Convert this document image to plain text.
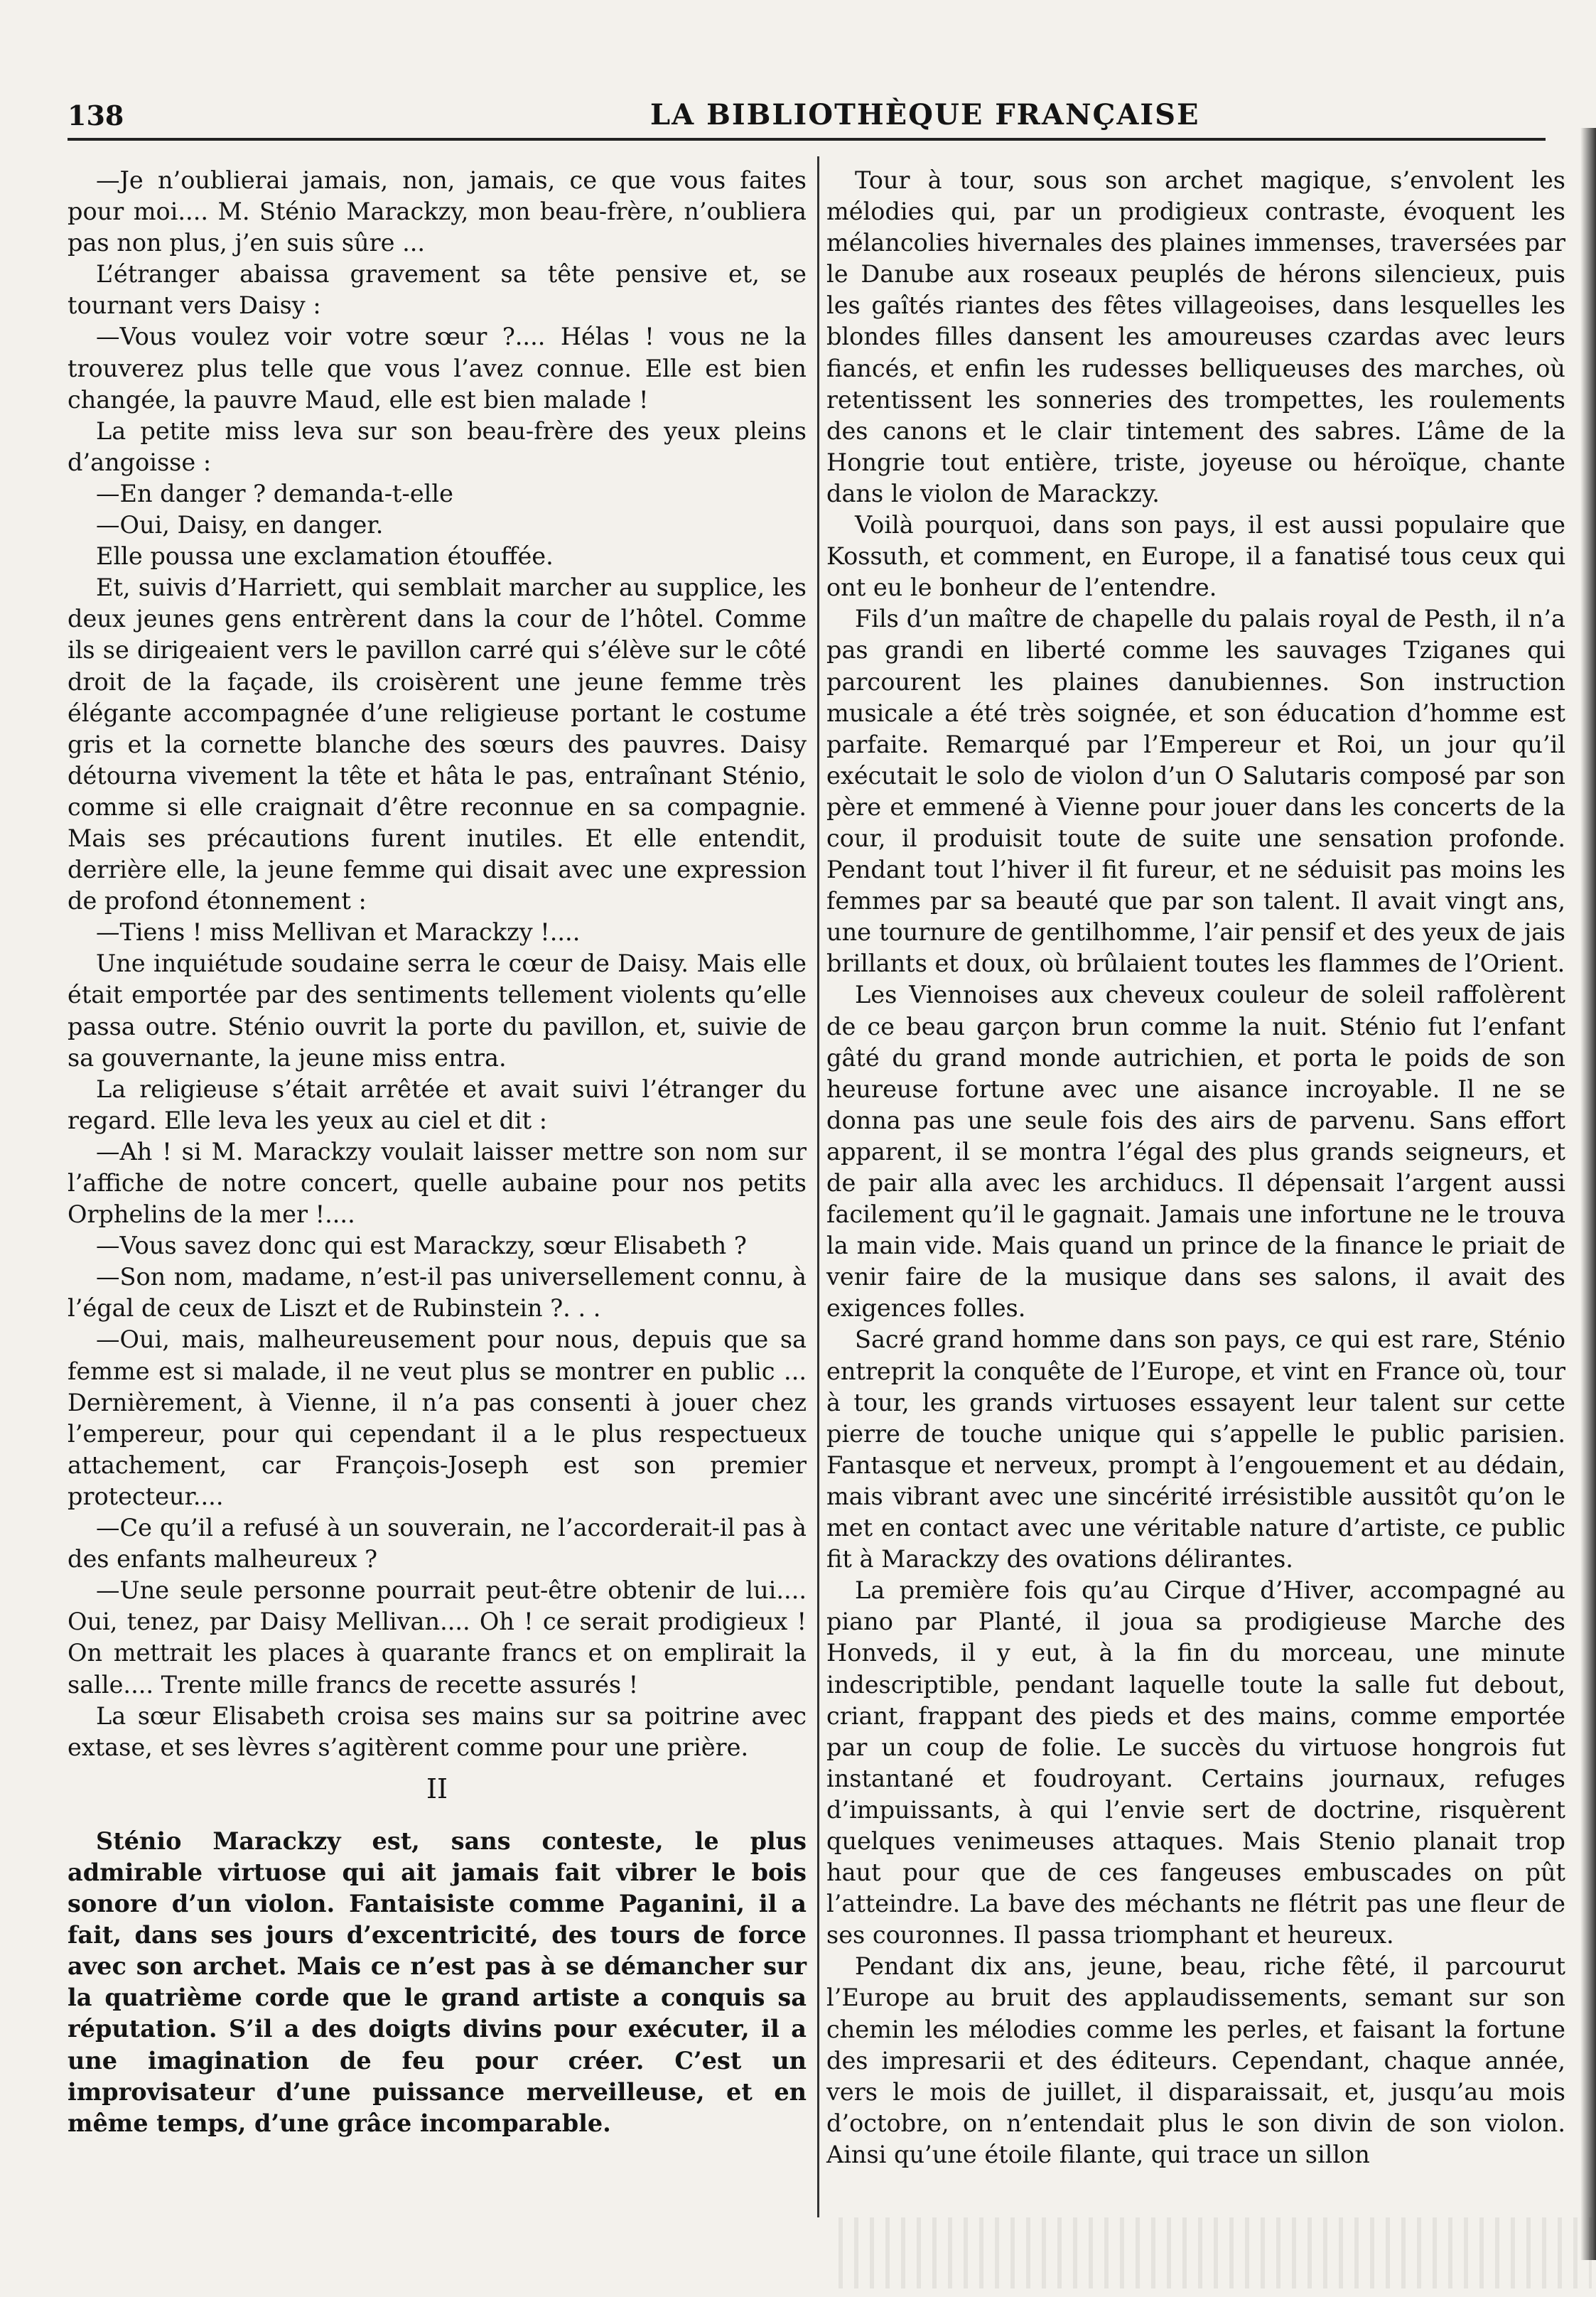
138	LA BIBLIOTHÈQUE FRANÇAISE

—Je n’oublierai jamais, non, jamais, ce que vous faites pour moi.... M. Sténio Marackzy, mon beau-frère, n’oubliera pas non plus, j’en suis sûre ...

L’étranger abaissa gravement sa tête pensive et, se tournant vers Daisy :

—Vous voulez voir votre sœur ?.... Hélas ! vous ne la trouverez plus telle que vous l’avez connue. Elle est bien changée, la pauvre Maud, elle est bien malade !

La petite miss leva sur son beau-frère des yeux pleins d’angoisse :

—En danger ? demanda-t-elle

—Oui, Daisy, en danger.

Elle poussa une exclamation étouffée.

Et, suivis d’Harriett, qui semblait marcher au supplice, les deux jeunes gens entrèrent dans la cour de l’hôtel. Comme ils se dirigeaient vers le pavillon carré qui s’élève sur le côté droit de la façade, ils croisèrent une jeune femme très élégante accompagnée d’une religieuse portant le costume gris et la cornette blanche des sœurs des pauvres. Daisy détourna vivement la tête et hâta le pas, entraînant Sténio, comme si elle craignait d’être reconnue en sa compagnie. Mais ses précautions furent inutiles. Et elle entendit, derrière elle, la jeune femme qui disait avec une expression de profond étonnement :

—Tiens ! miss Mellivan et Marackzy !....

Une inquiétude soudaine serra le cœur de Daisy. Mais elle était emportée par des sentiments tellement violents qu’elle passa outre. Sténio ouvrit la porte du pavillon, et, suivie de sa gouvernante, la jeune miss entra.

La religieuse s’était arrêtée et avait suivi l’étranger du regard. Elle leva les yeux au ciel et dit :

—Ah ! si M. Marackzy voulait laisser mettre son nom sur l’affiche de notre concert, quelle aubaine pour nos petits Orphelins de la mer !....

—Vous savez donc qui est Marackzy, sœur Elisabeth ?

—Son nom, madame, n’est-il pas universellement connu, à l’égal de ceux de Liszt et de Rubinstein ?. . .

—Oui, mais, malheureusement pour nous, depuis que sa femme est si malade, il ne veut plus se montrer en public ... Dernièrement, à Vienne, il n’a pas consenti à jouer chez l’empereur, pour qui cependant il a le plus respectueux attachement, car François-Joseph est son premier protecteur....

—Ce qu’il a refusé à un souverain, ne l’accorderait-il pas à des enfants malheureux ?

—Une seule personne pourrait peut-être obtenir de lui.... Oui, tenez, par Daisy Mellivan.... Oh ! ce serait prodigieux ! On mettrait les places à quarante francs et on emplirait la salle.... Trente mille francs de recette assurés !

La sœur Elisabeth croisa ses mains sur sa poitrine avec extase, et ses lèvres s’agitèrent comme pour une prière.

II

Sténio Marackzy est, sans conteste, le plus admirable virtuose qui ait jamais fait vibrer le bois sonore d’un violon. Fantaisiste comme Paganini, il a fait, dans ses jours d’excentricité, des tours de force avec son archet. Mais ce n’est pas à se démancher sur la quatrième corde que le grand artiste a conquis sa réputation. S’il a des doigts divins pour exécuter, il a une imagination de feu pour créer. C’est un improvisateur d’une puissance merveilleuse, et en même temps, d’une grâce incomparable.

Tour à tour, sous son archet magique, s’envolent les mélodies qui, par un prodigieux contraste, évoquent les mélancolies hivernales des plaines immenses, traversées par le Danube aux roseaux peuplés de hérons silencieux, puis les gaîtés riantes des fêtes villageoises, dans lesquelles les blondes filles dansent les amoureuses czardas avec leurs fiancés, et enfin les rudesses belliqueuses des marches, où retentissent les sonneries des trompettes, les roulements des canons et le clair tintement des sabres. L’âme de la Hongrie tout entière, triste, joyeuse ou héroïque, chante dans le violon de Marackzy.

Voilà pourquoi, dans son pays, il est aussi populaire que Kossuth, et comment, en Europe, il a fanatisé tous ceux qui ont eu le bonheur de l’entendre.

Fils d’un maître de chapelle du palais royal de Pesth, il n’a pas grandi en liberté comme les sauvages Tziganes qui parcourent les plaines danubiennes. Son instruction musicale a été très soignée, et son éducation d’homme est parfaite. Remarqué par l’Empereur et Roi, un jour qu’il exécutait le solo de violon d’un O Salutaris composé par son père et emmené à Vienne pour jouer dans les concerts de la cour, il produisit toute de suite une sensation profonde. Pendant tout l’hiver il fit fureur, et ne séduisit pas moins les femmes par sa beauté que par son talent. Il avait vingt ans, une tournure de gentilhomme, l’air pensif et des yeux de jais brillants et doux, où brûlaient toutes les flammes de l’Orient.

Les Viennoises aux cheveux couleur de soleil raffolèrent de ce beau garçon brun comme la nuit. Sténio fut l’enfant gâté du grand monde autrichien, et porta le poids de son heureuse fortune avec une aisance incroyable. Il ne se donna pas une seule fois des airs de parvenu. Sans effort apparent, il se montra l’égal des plus grands seigneurs, et de pair alla avec les archiducs. Il dépensait l’argent aussi facilement qu’il le gagnait. Jamais une infortune ne le trouva la main vide. Mais quand un prince de la finance le priait de venir faire de la musique dans ses salons, il avait des exigences folles.

Sacré grand homme dans son pays, ce qui est rare, Sténio entreprit la conquête de l’Europe, et vint en France où, tour à tour, les grands virtuoses essayent leur talent sur cette pierre de touche unique qui s’appelle le public parisien. Fantasque et nerveux, prompt à l’engouement et au dédain, mais vibrant avec une sincérité irrésistible aussitôt qu’on le met en contact avec une véritable nature d’artiste, ce public fit à Marackzy des ovations délirantes.

La première fois qu’au Cirque d’Hiver, accompagné au piano par Planté, il joua sa prodigieuse Marche des Honveds, il y eut, à la fin du morceau, une minute indescriptible, pendant laquelle toute la salle fut debout, criant, frappant des pieds et des mains, comme emportée par un coup de folie. Le succès du virtuose hongrois fut instantané et foudroyant. Certains journaux, refuges d’impuissants, à qui l’envie sert de doctrine, risquèrent quelques venimeuses attaques. Mais Stenio planait trop haut pour que de ces fangeuses embuscades on pût l’atteindre. La bave des méchants ne flétrit pas une fleur de ses couronnes. Il passa triomphant et heureux.

Pendant dix ans, jeune, beau, riche fêté, il parcourut l’Europe au bruit des applaudissements, semant sur son chemin les mélodies comme les perles, et faisant la fortune des impresarii et des éditeurs. Cependant, chaque année, vers le mois de juillet, il disparaissait, et, jusqu’au mois d’octobre, on n’entendait plus le son divin de son violon. Ainsi qu’une étoile filante, qui trace un sillon
